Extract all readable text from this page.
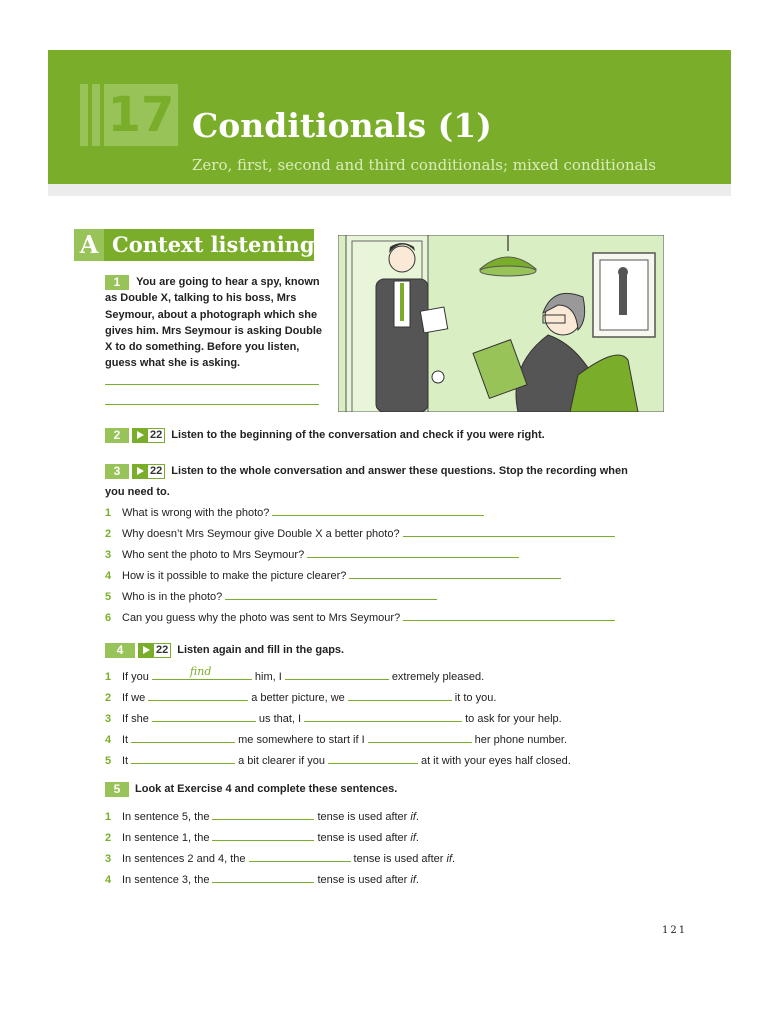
17 Conditionals (1)
Zero, first, second and third conditionals; mixed conditionals
A Context listening
1 You are going to hear a spy, known as Double X, talking to his boss, Mrs Seymour, about a photograph which she gives him. Mrs Seymour is asking Double X to do something. Before you listen, guess what she is asking.
2	22 Listen to the beginning of the conversation and check if you were right.
3	22 Listen to the whole conversation and answer these questions. Stop the recording when
you need to.
1 What is wrong with the photo?
2 Why doesn’t Mrs Seymour give Double X a better photo?
3 Who sent the photo to Mrs Seymour?
4 How is it possible to make the picture clearer?
5 Who is in the photo?
6 Can you guess why the photo was sent to Mrs Seymour?
4	22 Listen again and fill in the gaps.
1 If you	find	him, I	extremely pleased.
2 If we	a better picture, we	it to you.
3 If she	us that, I	to ask for your help.
4 It	me somewhere to start if I	her phone number.
5 It	a bit clearer if you	at it with your eyes half closed.
5 Look at Exercise 4 and complete these sentences.
1 In sentence 5, the	tense is used after if.
2 In sentence 1, the	tense is used after if.
3 In sentences 2 and 4, the	tense is used after if.
4 In sentence 3, the	tense is used after if.
121
